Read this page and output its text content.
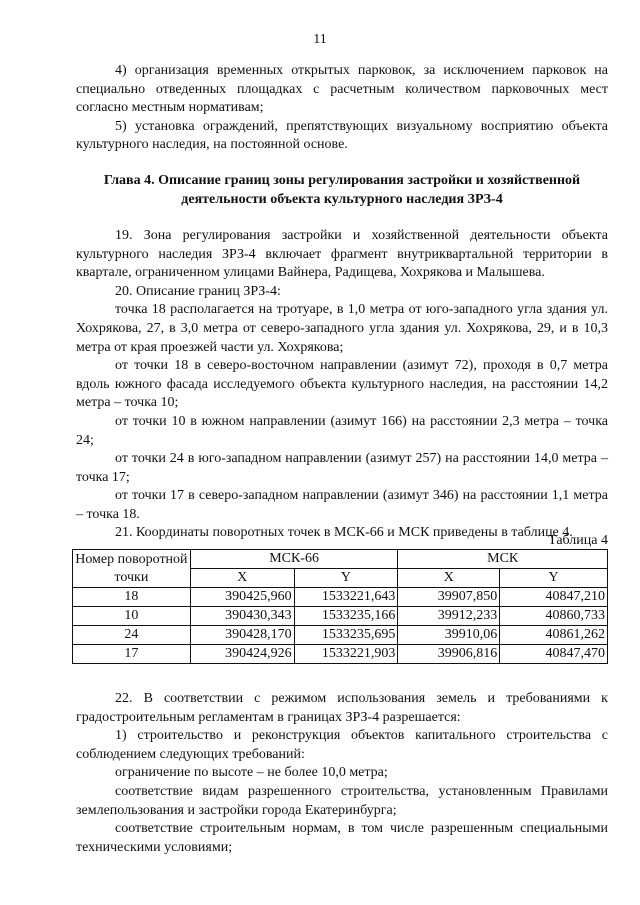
11

4) организация временных открытых парковок, за исключением парковок на специально отведенных площадках с расчетным количеством парковочных мест согласно местным нормативам;

5) установка ограждений, препятствующих визуальному восприятию объекта культурного наследия, на постоянной основе.

Глава 4. Описание границ зоны регулирования застройки и хозяйственной деятельности объекта культурного наследия ЗРЗ-4

19. Зона регулирования застройки и хозяйственной деятельности объекта культурного наследия ЗРЗ-4 включает фрагмент внутриквартальной территории в квартале, ограниченном улицами Вайнера, Радищева, Хохрякова и Малышева.

20. Описание границ ЗРЗ-4:

точка 18 располагается на тротуаре, в 1,0 метра от юго-западного угла здания ул. Хохрякова, 27, в 3,0 метра от северо-западного угла здания ул. Хохрякова, 29, и в 10,3 метра от края проезжей части ул. Хохрякова;

от точки 18 в северо-восточном направлении (азимут 72), проходя в 0,7 метра вдоль южного фасада исследуемого объекта культурного наследия, на расстоянии 14,2 метра – точка 10;

от точки 10 в южном направлении (азимут 166) на расстоянии 2,3 метра – точка 24;

от точки 24 в юго-западном направлении (азимут 257) на расстоянии 14,0 метра – точка 17;

от точки 17 в северо-западном направлении (азимут 346) на расстоянии 1,1 метра – точка 18.

21. Координаты поворотных точек в МСК-66 и МСК приведены в таблице 4.

Таблица 4

Номер поворотной точки	МСК-66		МСК	
	X	Y	X	Y
18	390425,960	1533221,643	39907,850	40847,210
10	390430,343	1533235,166	39912,233	40860,733
24	390428,170	1533235,695	39910,06	40861,262
17	390424,926	1533221,903	39906,816	40847,470

22. В соответствии с режимом использования земель и требованиями к градостроительным регламентам в границах ЗРЗ-4 разрешается:

1) строительство и реконструкция объектов капитального строительства с соблюдением следующих требований:

ограничение по высоте – не более 10,0 метра;

соответствие видам разрешенного строительства, установленным Правилами землепользования и застройки города Екатеринбурга;

соответствие строительным нормам, в том числе разрешенным специальными техническими условиями;
